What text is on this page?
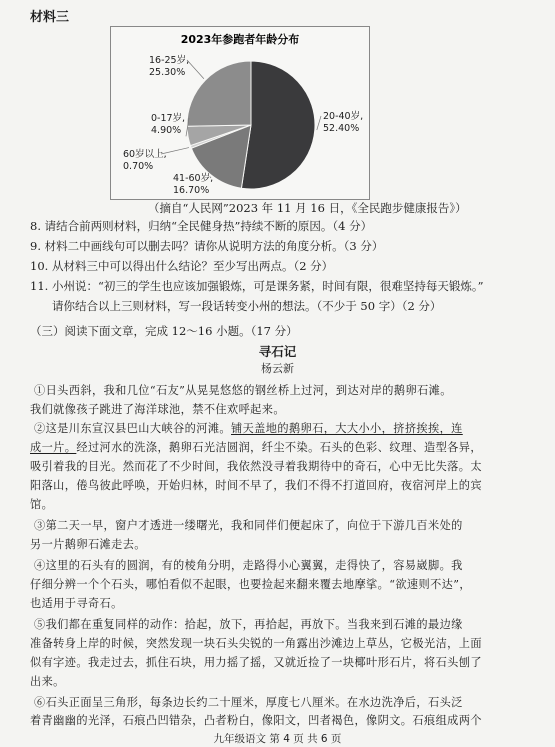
材料三
2023年参跑者年龄分布
20-40岁,
52.40%
41-60岁,
16.70%
60岁以上,
0.70%
0-17岁,
4.90%
16-25岁,
25.30%
（摘自“人民网”2023 年 11 月 16 日，《全民跑步健康报告》）
8. 请结合前两则材料，归纳“全民健身热”持续不断的原因。（4 分）
9. 材料二中画线句可以删去吗？请你从说明方法的角度分析。（3 分）
10. 从材料三中可以得出什么结论？至少写出两点。（2 分）
11. 小州说：“初三的学生也应该加强锻炼，可是课务紧，时间有限，很难坚持每天锻炼。”
请你结合以上三则材料，写一段话转变小州的想法。（不少于 50 字）（2 分）
（三）阅读下面文章，完成 12～16 小题。（17 分）
寻石记
杨云新
①日头西斜，我和几位“石友”从晃晃悠悠的钢丝桥上过河，到达对岸的鹅卵石滩。
我们就像孩子跳进了海洋球池，禁不住欢呼起来。
②这是川东宣汉县巴山大峡谷的河滩。铺天盖地的鹅卵石，大大小小，挤挤挨挨，连
成一片。经过河水的洗涤，鹅卵石光洁圆润，纤尘不染。石头的色彩、纹理、造型各异，
吸引着我的目光。然而花了不少时间，我依然没寻着我期待中的奇石，心中无比失落。太
阳落山，倦鸟彼此呼唤，开始归林，时间不早了，我们不得不打道回府，夜宿河岸上的宾
馆。
③第二天一早，窗户才透进一缕曙光，我和同伴们便起床了，向位于下游几百米处的
另一片鹅卵石滩走去。
④这里的石头有的圆润，有的棱角分明，走路得小心翼翼，走得快了，容易崴脚。我
仔细分辨一个个石头，哪怕看似不起眼，也要捡起来翻来覆去地摩挲。“欲速则不达”，
也适用于寻奇石。
⑤我们都在重复同样的动作：拾起，放下，再拾起，再放下。当我来到石滩的最边缘
准备转身上岸的时候，突然发现一块石头尖锐的一角露出沙滩边上草丛，它极光洁，上面
似有字迹。我走过去，抓住石块，用力摇了摇，又就近捡了一块椰叶形石片，将石头刨了
出来。
⑥石头正面呈三角形，每条边长约二十厘米，厚度七八厘米。在水边洗净后，石头泛
着青幽幽的光泽，石痕凸凹错杂，凸者粉白，像阳文，凹者褐色，像阴文。石痕组成两个
九年级语文 第 4 页 共 6 页
